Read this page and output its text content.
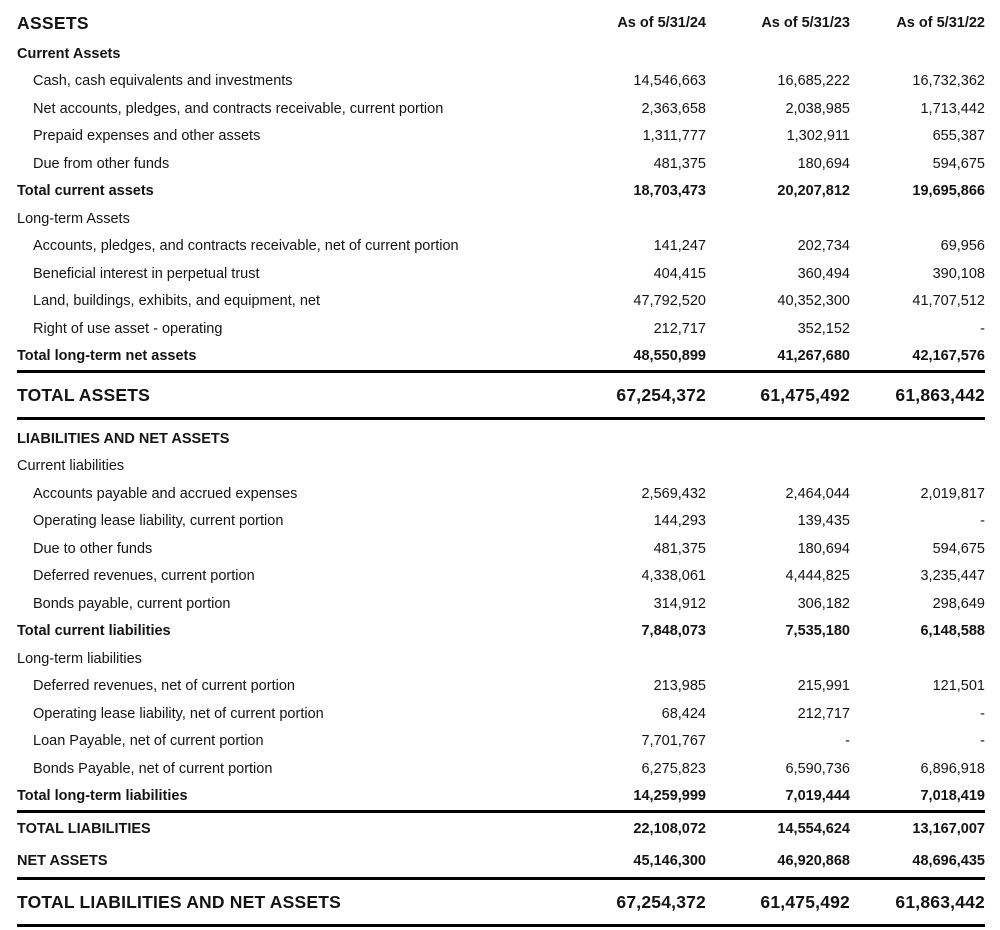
ASSETS	As of 5/31/24	As of 5/31/23	As of 5/31/22
Current Assets
Cash, cash equivalents and investments	14,546,663	16,685,222	16,732,362
Net accounts, pledges, and contracts receivable, current portion	2,363,658	2,038,985	1,713,442
Prepaid expenses and other assets	1,311,777	1,302,911	655,387
Due from other funds	481,375	180,694	594,675
Total current assets	18,703,473	20,207,812	19,695,866
Long-term Assets
Accounts, pledges, and contracts receivable, net of current portion	141,247	202,734	69,956
Beneficial interest in perpetual trust	404,415	360,494	390,108
Land, buildings, exhibits, and equipment, net	47,792,520	40,352,300	41,707,512
Right of use asset - operating	212,717	352,152	-
Total long-term net assets	48,550,899	41,267,680	42,167,576
TOTAL ASSETS	67,254,372	61,475,492	61,863,442
LIABILITIES AND NET ASSETS
Current liabilities
Accounts payable and accrued expenses	2,569,432	2,464,044	2,019,817
Operating lease liability, current portion	144,293	139,435	-
Due to other funds	481,375	180,694	594,675
Deferred revenues, current portion	4,338,061	4,444,825	3,235,447
Bonds payable, current portion	314,912	306,182	298,649
Total current liabilities	7,848,073	7,535,180	6,148,588
Long-term liabilities
Deferred revenues, net of current portion	213,985	215,991	121,501
Operating lease liability, net of current portion	68,424	212,717	-
Loan Payable, net of current portion	7,701,767	-	-
Bonds Payable, net of current portion	6,275,823	6,590,736	6,896,918
Total long-term liabilities	14,259,999	7,019,444	7,018,419
TOTAL LIABILITIES	22,108,072	14,554,624	13,167,007
NET ASSETS	45,146,300	46,920,868	48,696,435
TOTAL LIABILITIES AND NET ASSETS	67,254,372	61,475,492	61,863,442
